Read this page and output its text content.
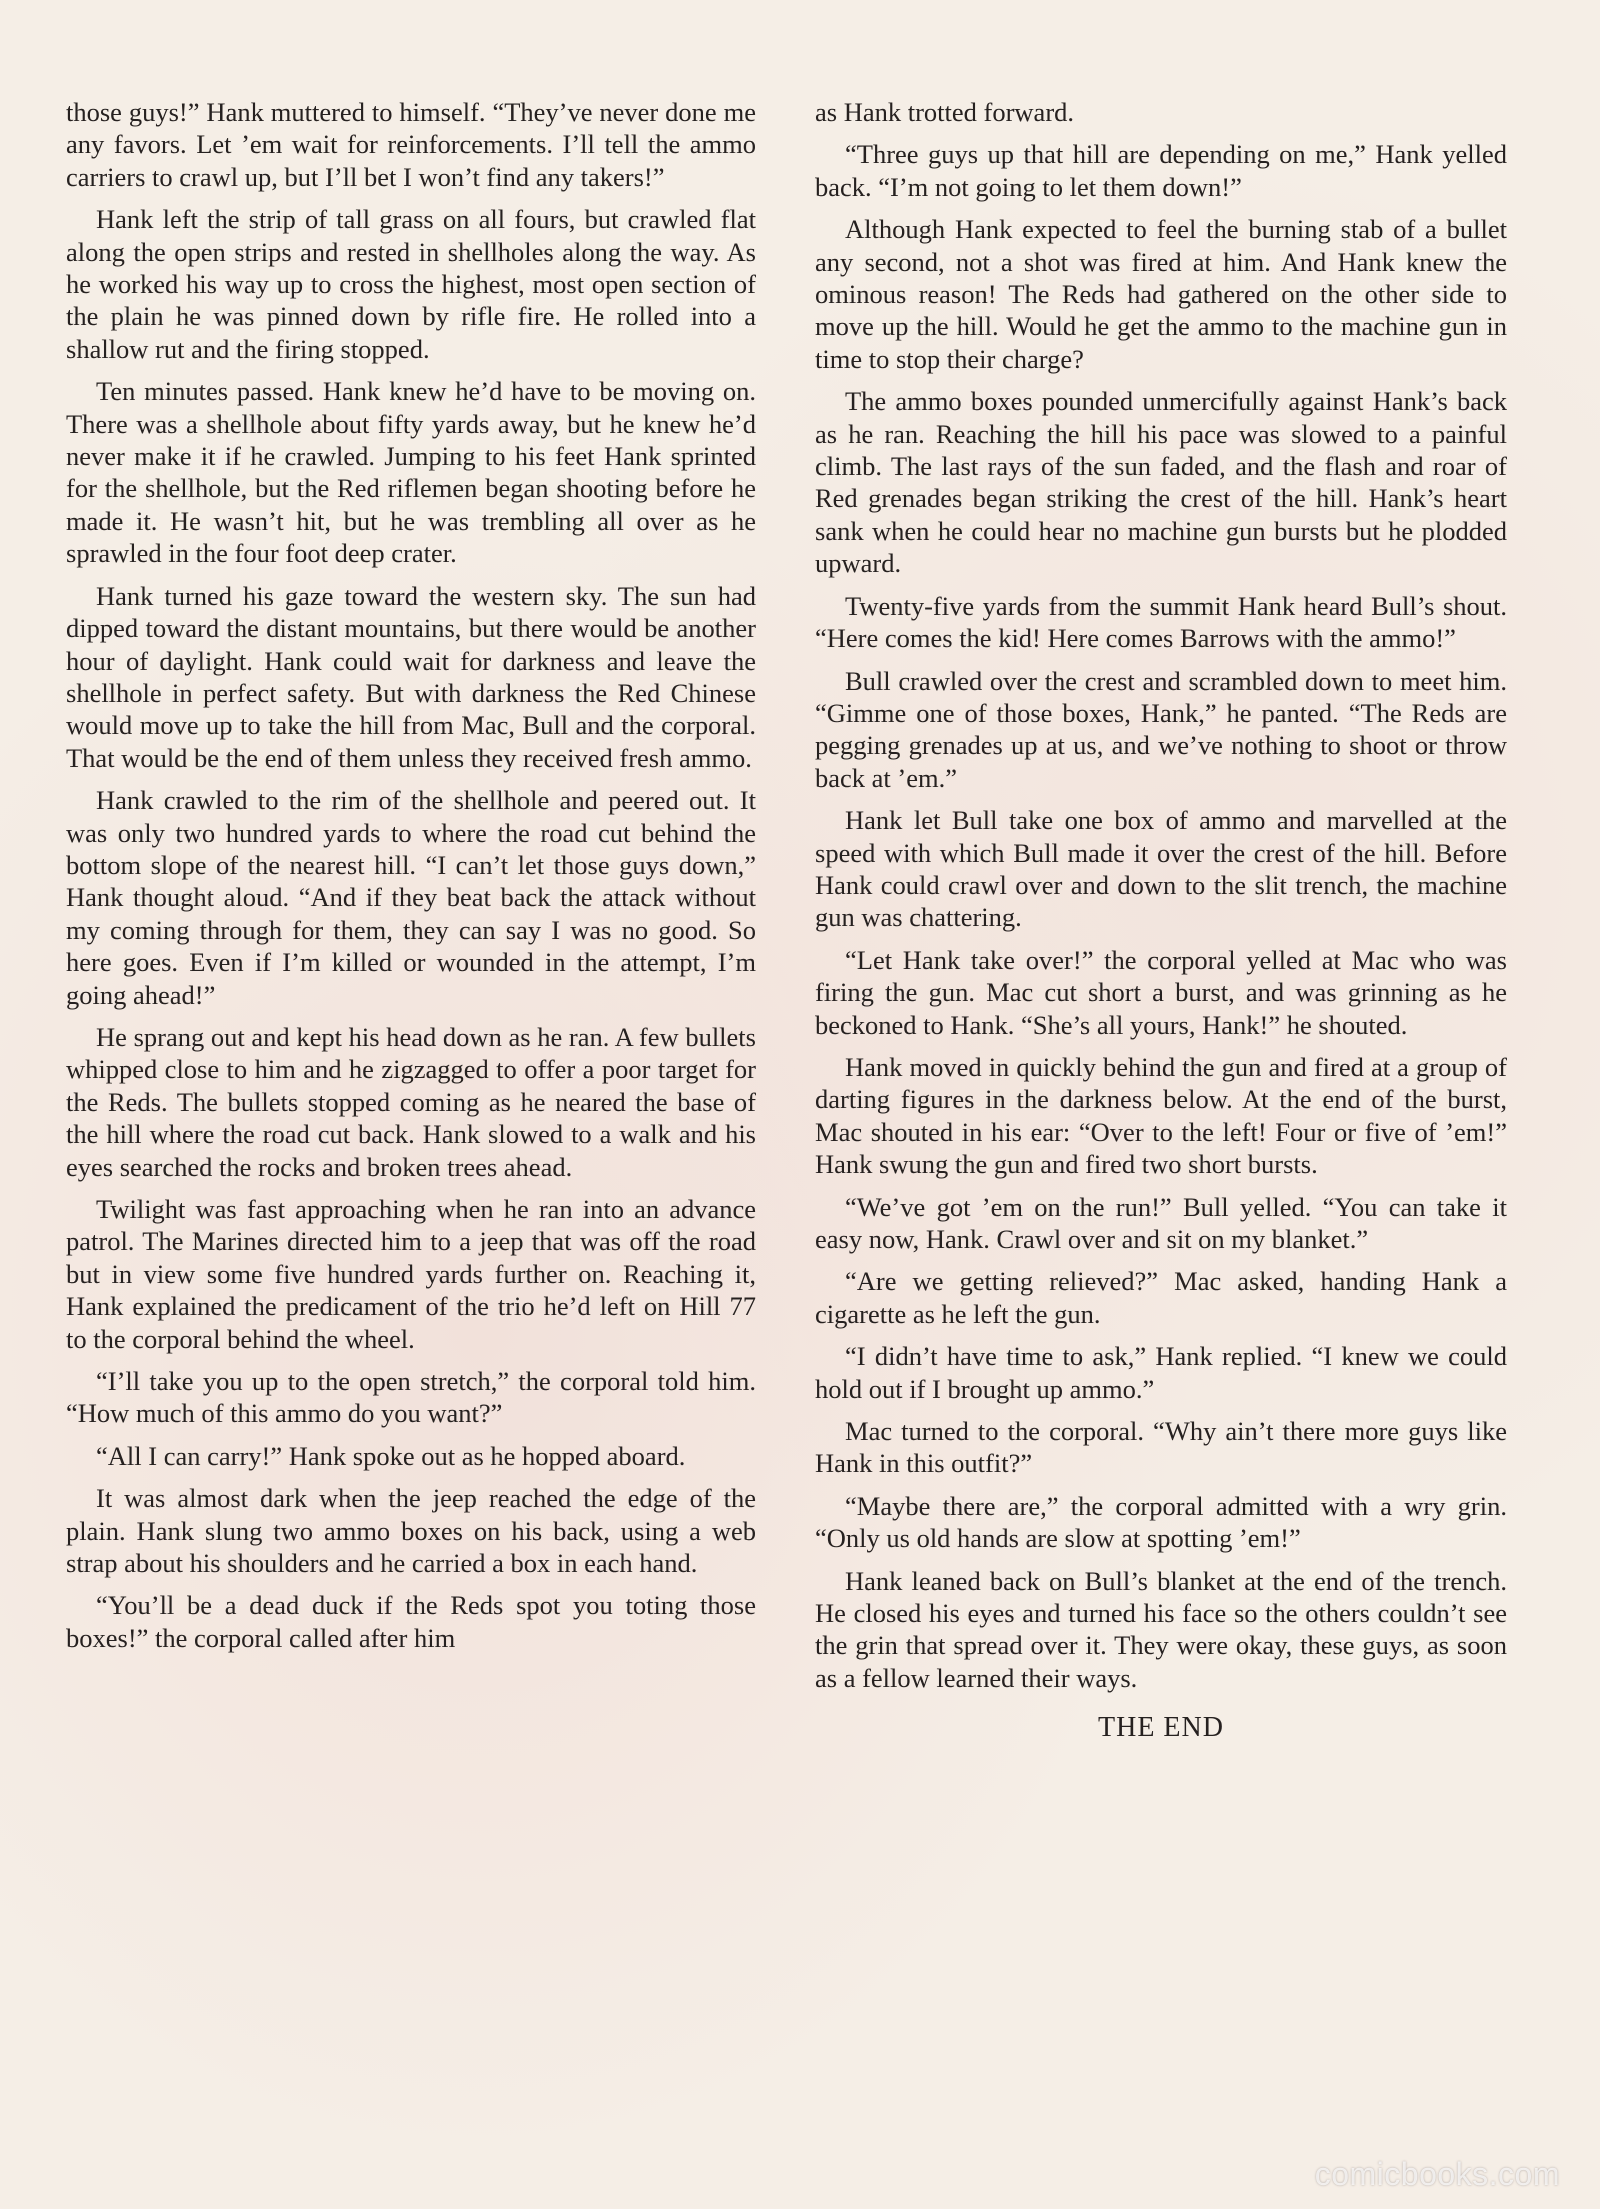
those guys!” Hank muttered to himself. “They’ve never done me any favors. Let ’em wait for reinforcements. I’ll tell the ammo carriers to crawl up, but I’ll bet I won’t find any takers!”

Hank left the strip of tall grass on all fours, but crawled flat along the open strips and rested in shellholes along the way. As he worked his way up to cross the highest, most open section of the plain he was pinned down by rifle fire. He rolled into a shallow rut and the firing stopped.

Ten minutes passed. Hank knew he’d have to be moving on. There was a shellhole about fifty yards away, but he knew he’d never make it if he crawled. Jumping to his feet Hank sprinted for the shellhole, but the Red riflemen began shooting before he made it. He wasn’t hit, but he was trembling all over as he sprawled in the four foot deep crater.

Hank turned his gaze toward the western sky. The sun had dipped toward the distant mountains, but there would be another hour of daylight. Hank could wait for darkness and leave the shellhole in perfect safety. But with darkness the Red Chinese would move up to take the hill from Mac, Bull and the corporal. That would be the end of them unless they received fresh ammo.

Hank crawled to the rim of the shellhole and peered out. It was only two hundred yards to where the road cut behind the bottom slope of the nearest hill. “I can’t let those guys down,” Hank thought aloud. “And if they beat back the attack without my coming through for them, they can say I was no good. So here goes. Even if I’m killed or wounded in the attempt, I’m going ahead!”

He sprang out and kept his head down as he ran. A few bullets whipped close to him and he zigzagged to offer a poor target for the Reds. The bullets stopped coming as he neared the base of the hill where the road cut back. Hank slowed to a walk and his eyes searched the rocks and broken trees ahead.

Twilight was fast approaching when he ran into an advance patrol. The Marines directed him to a jeep that was off the road but in view some five hundred yards further on. Reaching it, Hank explained the predicament of the trio he’d left on Hill 77 to the corporal behind the wheel.

“I’ll take you up to the open stretch,” the corporal told him. “How much of this ammo do you want?”

“All I can carry!” Hank spoke out as he hopped aboard.

It was almost dark when the jeep reached the edge of the plain. Hank slung two ammo boxes on his back, using a web strap about his shoulders and he carried a box in each hand.

“You’ll be a dead duck if the Reds spot you toting those boxes!” the corporal called after him

as Hank trotted forward.

“Three guys up that hill are depending on me,” Hank yelled back. “I’m not going to let them down!”

Although Hank expected to feel the burning stab of a bullet any second, not a shot was fired at him. And Hank knew the ominous reason! The Reds had gathered on the other side to move up the hill. Would he get the ammo to the machine gun in time to stop their charge?

The ammo boxes pounded unmercifully against Hank’s back as he ran. Reaching the hill his pace was slowed to a painful climb. The last rays of the sun faded, and the flash and roar of Red grenades began striking the crest of the hill. Hank’s heart sank when he could hear no machine gun bursts but he plodded upward.

Twenty-five yards from the summit Hank heard Bull’s shout. “Here comes the kid! Here comes Barrows with the ammo!”

Bull crawled over the crest and scrambled down to meet him. “Gimme one of those boxes, Hank,” he panted. “The Reds are pegging grenades up at us, and we’ve nothing to shoot or throw back at ’em.”

Hank let Bull take one box of ammo and marvelled at the speed with which Bull made it over the crest of the hill. Before Hank could crawl over and down to the slit trench, the machine gun was chattering.

“Let Hank take over!” the corporal yelled at Mac who was firing the gun. Mac cut short a burst, and was grinning as he beckoned to Hank. “She’s all yours, Hank!” he shouted.

Hank moved in quickly behind the gun and fired at a group of darting figures in the darkness below. At the end of the burst, Mac shouted in his ear: “Over to the left! Four or five of ’em!” Hank swung the gun and fired two short bursts.

“We’ve got ’em on the run!” Bull yelled. “You can take it easy now, Hank. Crawl over and sit on my blanket.”

“Are we getting relieved?” Mac asked, handing Hank a cigarette as he left the gun.

“I didn’t have time to ask,” Hank replied. “I knew we could hold out if I brought up ammo.”

Mac turned to the corporal. “Why ain’t there more guys like Hank in this outfit?”

“Maybe there are,” the corporal admitted with a wry grin. “Only us old hands are slow at spotting ’em!”

Hank leaned back on Bull’s blanket at the end of the trench. He closed his eyes and turned his face so the others couldn’t see the grin that spread over it. They were okay, these guys, as soon as a fellow learned their ways.

THE END
comicbooks.com
